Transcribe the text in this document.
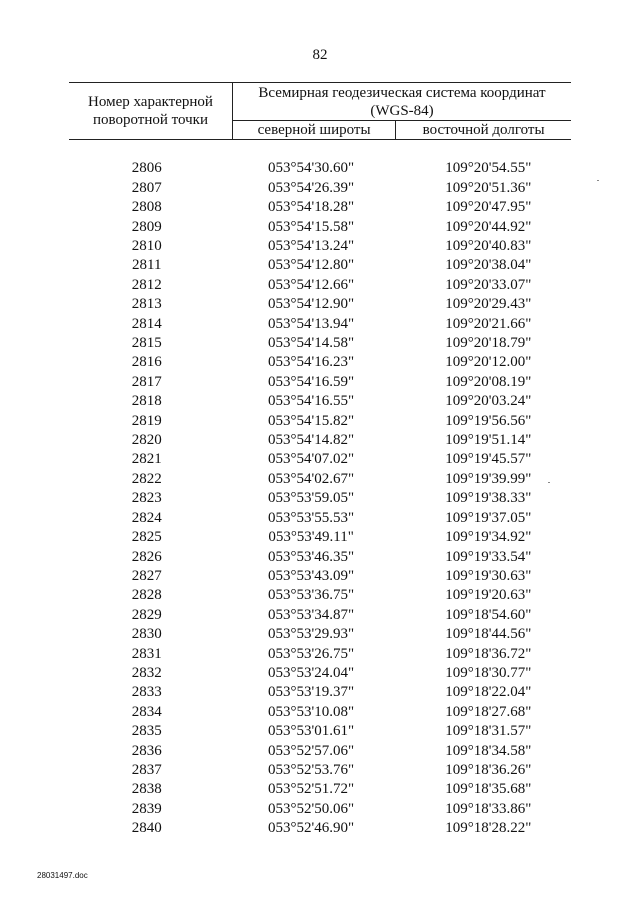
82
Номер характерной поворотной точки	Всемирная геодезическая система координат
(WGS-84)	
	северной широты	восточной долготы

2806	053°54'30.60"	109°20'54.55"
2807	053°54'26.39"	109°20'51.36"
2808	053°54'18.28"	109°20'47.95"
2809	053°54'15.58"	109°20'44.92"
2810	053°54'13.24"	109°20'40.83"
2811	053°54'12.80"	109°20'38.04"
2812	053°54'12.66"	109°20'33.07"
2813	053°54'12.90"	109°20'29.43"
2814	053°54'13.94"	109°20'21.66"
2815	053°54'14.58"	109°20'18.79"
2816	053°54'16.23"	109°20'12.00"
2817	053°54'16.59"	109°20'08.19"
2818	053°54'16.55"	109°20'03.24"
2819	053°54'15.82"	109°19'56.56"
2820	053°54'14.82"	109°19'51.14"
2821	053°54'07.02"	109°19'45.57"
2822	053°54'02.67"	109°19'39.99"
2823	053°53'59.05"	109°19'38.33"
2824	053°53'55.53"	109°19'37.05"
2825	053°53'49.11"	109°19'34.92"
2826	053°53'46.35"	109°19'33.54"
2827	053°53'43.09"	109°19'30.63"
2828	053°53'36.75"	109°19'20.63"
2829	053°53'34.87"	109°18'54.60"
2830	053°53'29.93"	109°18'44.56"
2831	053°53'26.75"	109°18'36.72"
2832	053°53'24.04"	109°18'30.77"
2833	053°53'19.37"	109°18'22.04"
2834	053°53'10.08"	109°18'27.68"
2835	053°53'01.61"	109°18'31.57"
2836	053°52'57.06"	109°18'34.58"
2837	053°52'53.76"	109°18'36.26"
2838	053°52'51.72"	109°18'35.68"
2839	053°52'50.06"	109°18'33.86"
2840	053°52'46.90"	109°18'28.22"
28031497.doc
